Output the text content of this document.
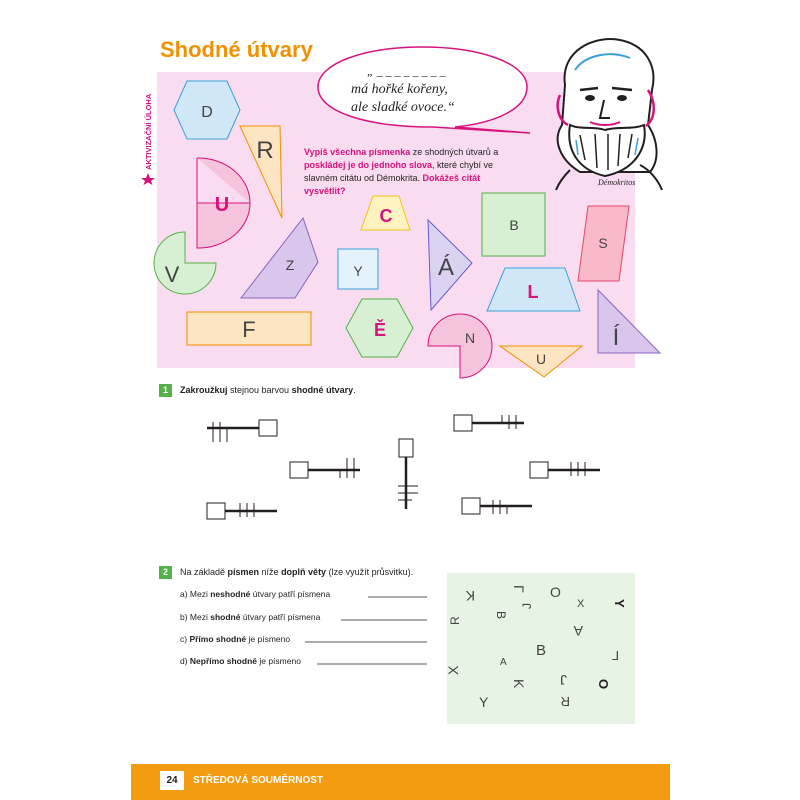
Shodné útvary
AKTIVIZAČNÍ ÚLOHA
„ _ _ _ _ _ _ _ _
má hořké kořeny,
ale sladké ovoce.“
Démokritos
Vypiš všechna písmenka ze shodných útvarů a poskládej je do jednoho slova, které chybí ve slavném citátu od Démokrita. Dokážeš citát vysvětlit?
D
R
U
V	Z
C
Y	Á
B
S
L
F	Ě	N
U
Í
1	Zakroužkuj stejnou barvou shodné útvary.
2	Na základě písmen níže doplň věty (lze využít průsvitku).
a) Mezi neshodné útvary patří písmena
b) Mezi shodné útvary patří písmena
c) Přímo shodné je písmeno
d) Nepřímo shodné je písmeno
K	Γ O
X Y
B
J
R
A
A
B	Γ
X
J
K	O
Y	R
24	STŘEDOVÁ SOUMĚRNOST
